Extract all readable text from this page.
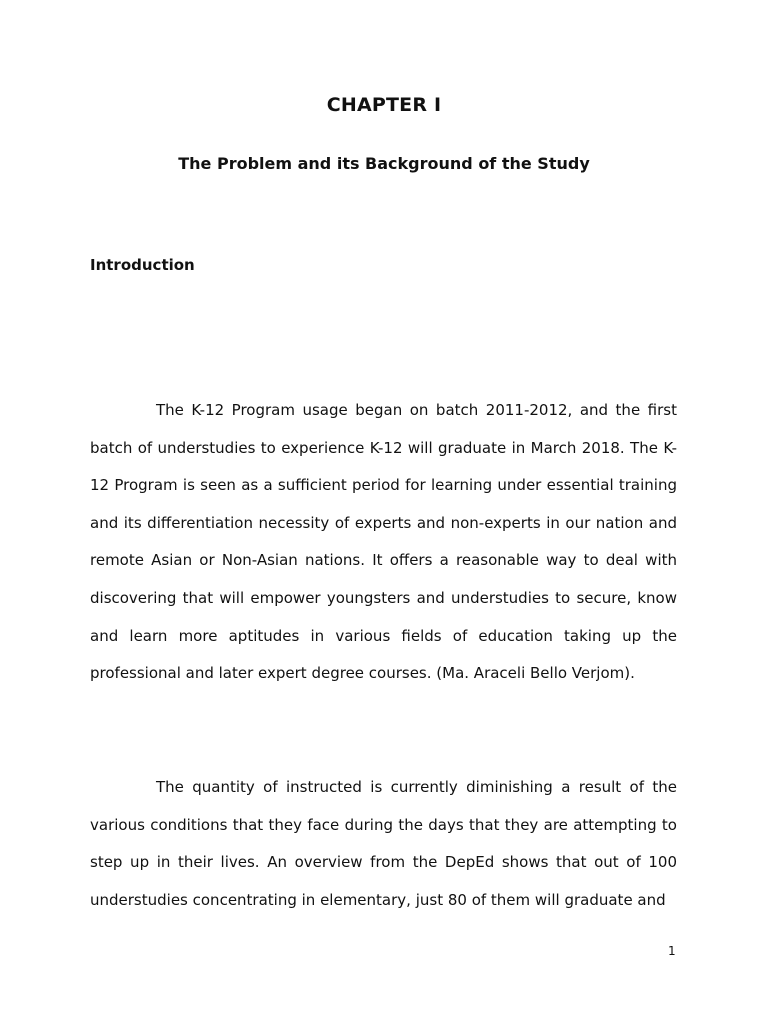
CHAPTER I
The Problem and its Background of the Study
Introduction

The K-12 Program usage began on batch 2011-2012, and the first batch of understudies to experience K-12 will graduate in March 2018. The K-12 Program is seen as a sufficient period for learning under essential training and its differentiation necessity of experts and non-experts in our nation and remote Asian or Non-Asian nations. It offers a reasonable way to deal with discovering that will empower youngsters and understudies to secure, know and learn more aptitudes in various fields of education taking up the professional and later expert degree courses. (Ma. Araceli Bello Verjom).

The quantity of instructed is currently diminishing a result of the various conditions that they face during the days that they are attempting to step up in their lives. An overview from the DepEd shows that out of 100 understudies concentrating in elementary, just 80 of them will graduate and

1
